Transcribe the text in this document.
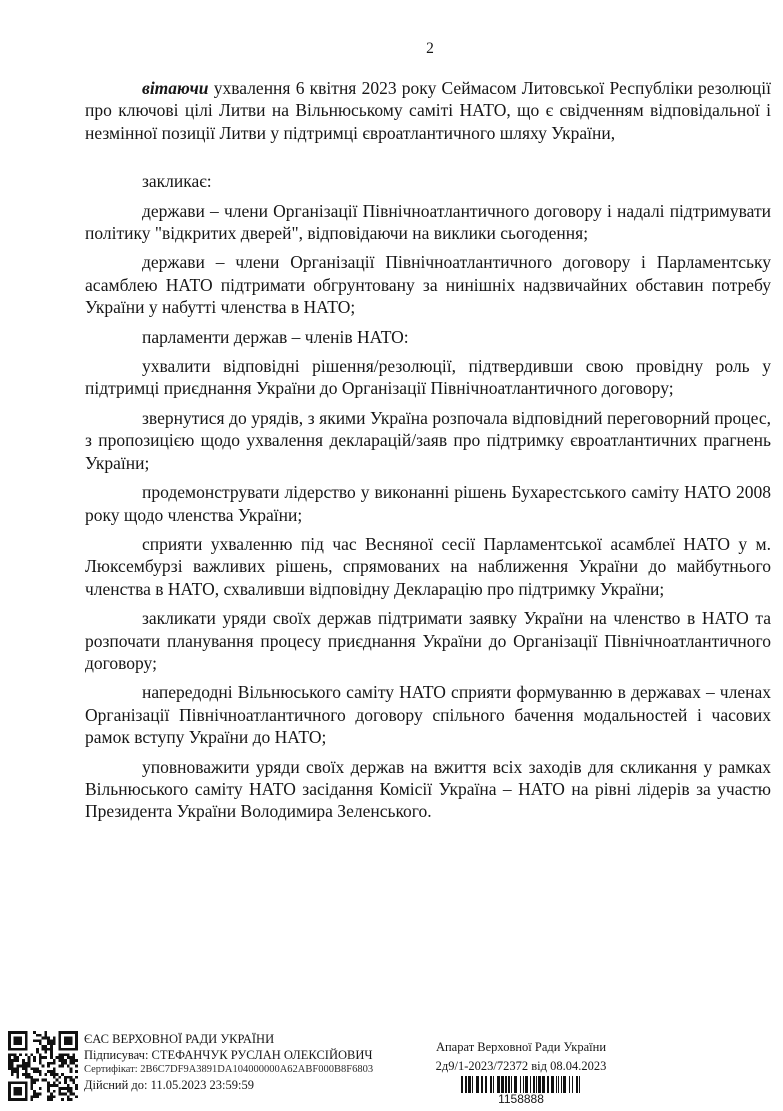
2

вітаючи ухвалення 6 квітня 2023 року Сеймасом Литовської Республіки резолюції про ключові цілі Литви на Вільнюському саміті НАТО, що є свідченням відповідальної і незмінної позиції Литви у підтримці євроатлантичного шляху України,

закликає:

держави – члени Організації Північноатлантичного договору і надалі підтримувати політику "відкритих дверей", відповідаючи на виклики сьогодення;

держави – члени Організації Північноатлантичного договору і Парламентську асамблею НАТО підтримати обгрунтовану за нинішніх надзвичайних обставин потребу України у набутті членства в НАТО;

парламенти держав – членів НАТО:

ухвалити відповідні рішення/резолюції, підтвердивши свою провідну роль у підтримці приєднання України до Організації Північноатлантичного договору;

звернутися до урядів, з якими Україна розпочала відповідний переговорний процес, з пропозицією щодо ухвалення декларацій/заяв про підтримку євроатлантичних прагнень України;

продемонструвати лідерство у виконанні рішень Бухарестського саміту НАТО 2008 року щодо членства України;

сприяти ухваленню під час Весняної сесії Парламентської асамблеї НАТО у м. Люксембурзі важливих рішень, спрямованих на наближення України до майбутнього членства в НАТО, схваливши відповідну Декларацію про підтримку України;

закликати уряди своїх держав підтримати заявку України на членство в НАТО та розпочати планування процесу приєднання України до Організації Північноатлантичного договору;

напередодні Вільнюського саміту НАТО сприяти формуванню в державах – членах Організації Північноатлантичного договору спільного бачення модальностей і часових рамок вступу України до НАТО;

уповноважити уряди своїх держав на вжиття всіх заходів для скликання у рамках Вільнюського саміту НАТО засідання Комісії Україна – НАТО на рівні лідерів за участю Президента України Володимира Зеленського.

ЄАС ВЕРХОВНОЇ РАДИ УКРАЇНИ
Підписувач: СТЕФАНЧУК РУСЛАН ОЛЕКСІЙОВИЧ
Сертифікат: 2B6C7DF9A3891DA104000000A62ABF000B8F6803
Дійсний до: 11.05.2023 23:59:59
Апарат Верховної Ради України
2д9/1-2023/72372 від 08.04.2023
1158888
